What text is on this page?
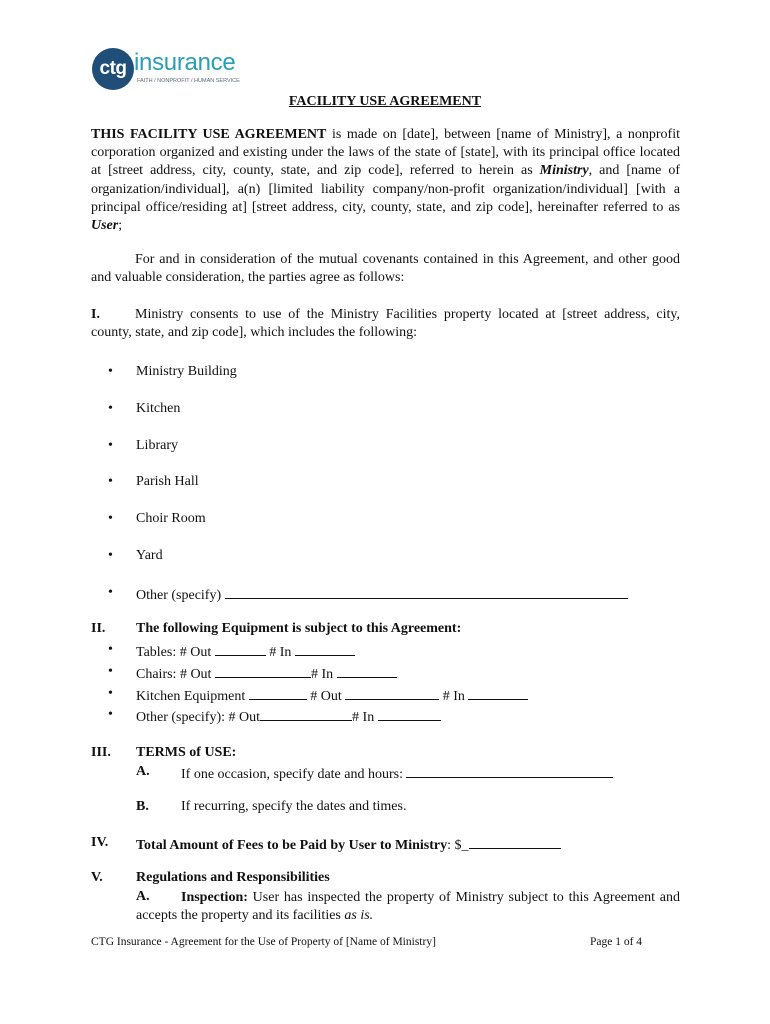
ctg insurance
FAITH / NONPROFIT / HUMAN SERVICE
FACILITY USE AGREEMENT
THIS FACILITY USE AGREEMENT is made on [date], between [name of Ministry], a nonprofit corporation organized and existing under the laws of the state of [state], with its principal office located at [street address, city, county, state, and zip code], referred to herein as Ministry, and [name of organization/individual], a(n) [limited liability company/non-profit organization/individual] [with a principal office/residing at] [street address, city, county, state, and zip code], hereinafter referred to as User;
For and in consideration of the mutual covenants contained in this Agreement, and other good and valuable consideration, the parties agree as follows:
I.	Ministry consents to use of the Ministry Facilities property located at [street address, city, county, state, and zip code], which includes the following:
• Ministry Building
• Kitchen
• Library
• Parish Hall
• Choir Room
• Yard
• Other (specify)
II. The following Equipment is subject to this Agreement:
• Tables: # Out	# In
• Chairs: # Out	# In
• Kitchen Equipment	# Out	# In
• Other (specify): # Out	# In
III. TERMS of USE:
A. If one occasion, specify date and hours:
B. If recurring, specify the dates and times.
IV. Total Amount of Fees to be Paid by User to Ministry: $_
V. Regulations and Responsibilities
A.	Inspection: User has inspected the property of Ministry subject to this Agreement and accepts the property and its facilities as is.
CTG Insurance - Agreement for the Use of Property of [Name of Ministry]	Page 1 of 4
